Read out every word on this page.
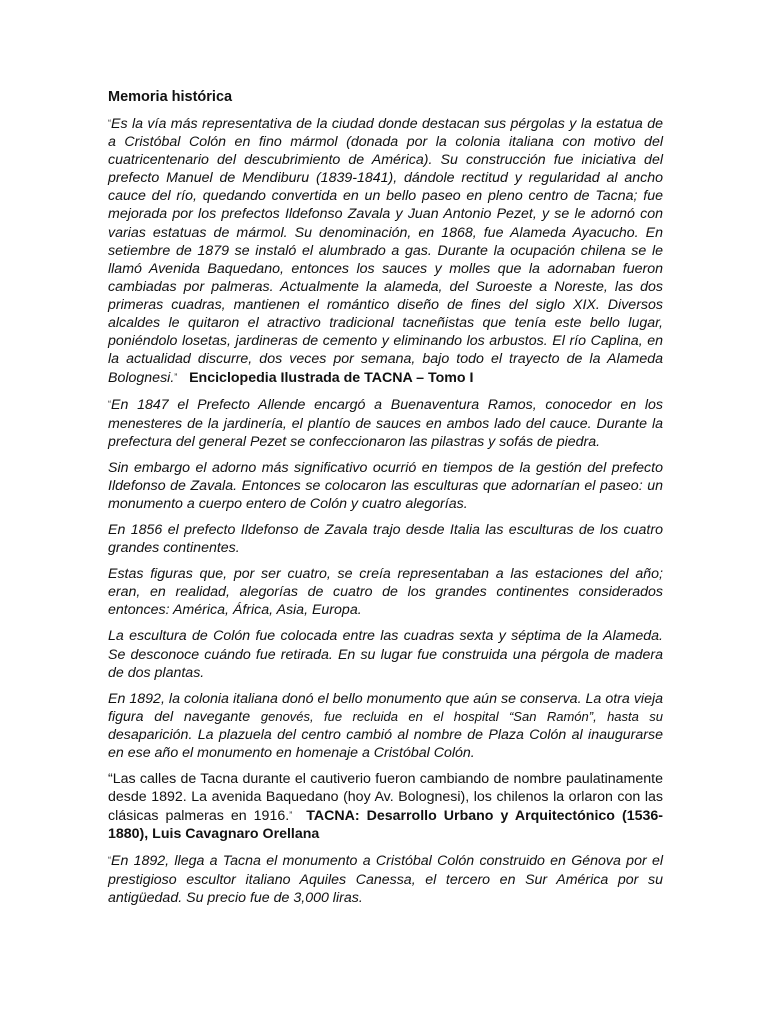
Memoria histórica

“Es la vía más representativa de la ciudad donde destacan sus pérgolas y la estatua de a Cristóbal Colón en fino mármol (donada por la colonia italiana con motivo del cuatricentenario del descubrimiento de América). Su construcción fue iniciativa del prefecto Manuel de Mendiburu (1839-1841), dándole rectitud y regularidad al ancho cauce del río, quedando convertida en un bello paseo en pleno centro de Tacna; fue mejorada por los prefectos Ildefonso Zavala y Juan Antonio Pezet, y se le adornó con varias estatuas de mármol. Su denominación, en 1868, fue Alameda Ayacucho. En setiembre de 1879 se instaló el alumbrado a gas. Durante la ocupación chilena se le llamó Avenida Baquedano, entonces los sauces y molles que la adornaban fueron cambiadas por palmeras. Actualmente la alameda, del Suroeste a Noreste, las dos primeras cuadras, mantienen el romántico diseño de fines del siglo XIX. Diversos alcaldes le quitaron el atractivo tradicional tacneñistas que tenía este bello lugar, poniéndolo losetas, jardineras de cemento y eliminando los arbustos. El río Caplina, en la actualidad discurre, dos veces por semana, bajo todo el trayecto de la Alameda Bolognesi.” Enciclopedia Ilustrada de TACNA – Tomo I

“En 1847 el Prefecto Allende encargó a Buenaventura Ramos, conocedor en los menesteres de la jardinería, el plantío de sauces en ambos lado del cauce. Durante la prefectura del general Pezet se confeccionaron las pilastras y sofás de piedra.

Sin embargo el adorno más significativo ocurrió en tiempos de la gestión del prefecto Ildefonso de Zavala. Entonces se colocaron las esculturas que adornarían el paseo: un monumento a cuerpo entero de Colón y cuatro alegorías.

En 1856 el prefecto Ildefonso de Zavala trajo desde Italia las esculturas de los cuatro grandes continentes.

Estas figuras que, por ser cuatro, se creía representaban a las estaciones del año; eran, en realidad, alegorías de cuatro de los grandes continentes considerados entonces: América, África, Asia, Europa.

La escultura de Colón fue colocada entre las cuadras sexta y séptima de la Alameda. Se desconoce cuándo fue retirada. En su lugar fue construida una pérgola de madera de dos plantas.

En 1892, la colonia italiana donó el bello monumento que aún se conserva. La otra vieja figura del navegante genovés, fue recluida en el hospital “San Ramón”, hasta su desaparición. La plazuela del centro cambió al nombre de Plaza Colón al inaugurarse en ese año el monumento en homenaje a Cristóbal Colón.

“Las calles de Tacna durante el cautiverio fueron cambiando de nombre paulatinamente desde 1892. La avenida Baquedano (hoy Av. Bolognesi), los chilenos la orlaron con las clásicas palmeras en 1916.” TACNA: Desarrollo Urbano y Arquitectónico (1536-1880), Luis Cavagnaro Orellana

“En 1892, llega a Tacna el monumento a Cristóbal Colón construido en Génova por el prestigioso escultor italiano Aquiles Canessa, el tercero en Sur América por su antigüedad. Su precio fue de 3,000 liras.
